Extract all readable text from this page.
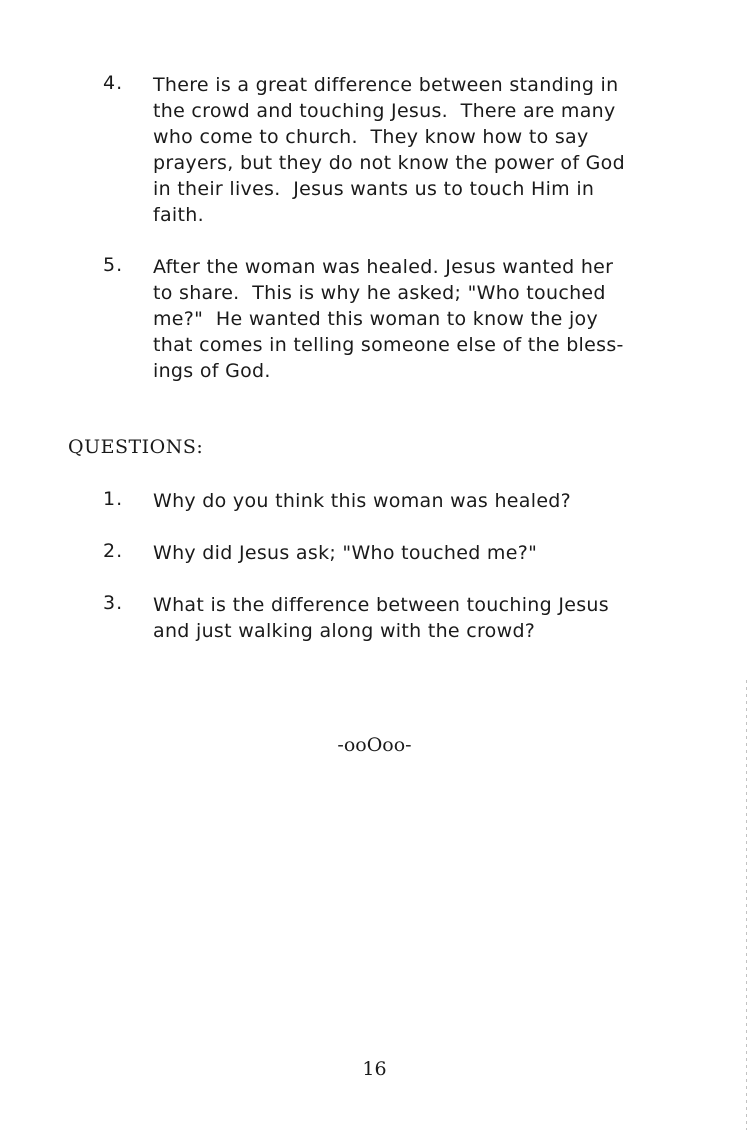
4. There is a great difference between standing in
the crowd and touching Jesus.  There are many
who come to church.  They know how to say
prayers, but they do not know the power of God
in their lives.  Jesus wants us to touch Him in
faith.
5. After the woman was healed. Jesus wanted her
to share.  This is why he asked; "Who touched
me?"  He wanted this woman to know the joy
that comes in telling someone else of the bless-
ings of God.
QUESTIONS:
1. Why do you think this woman was healed?
2. Why did Jesus ask; "Who touched me?"
3. What is the difference between touching Jesus
and just walking along with the crowd?
-ooOoo-
16
